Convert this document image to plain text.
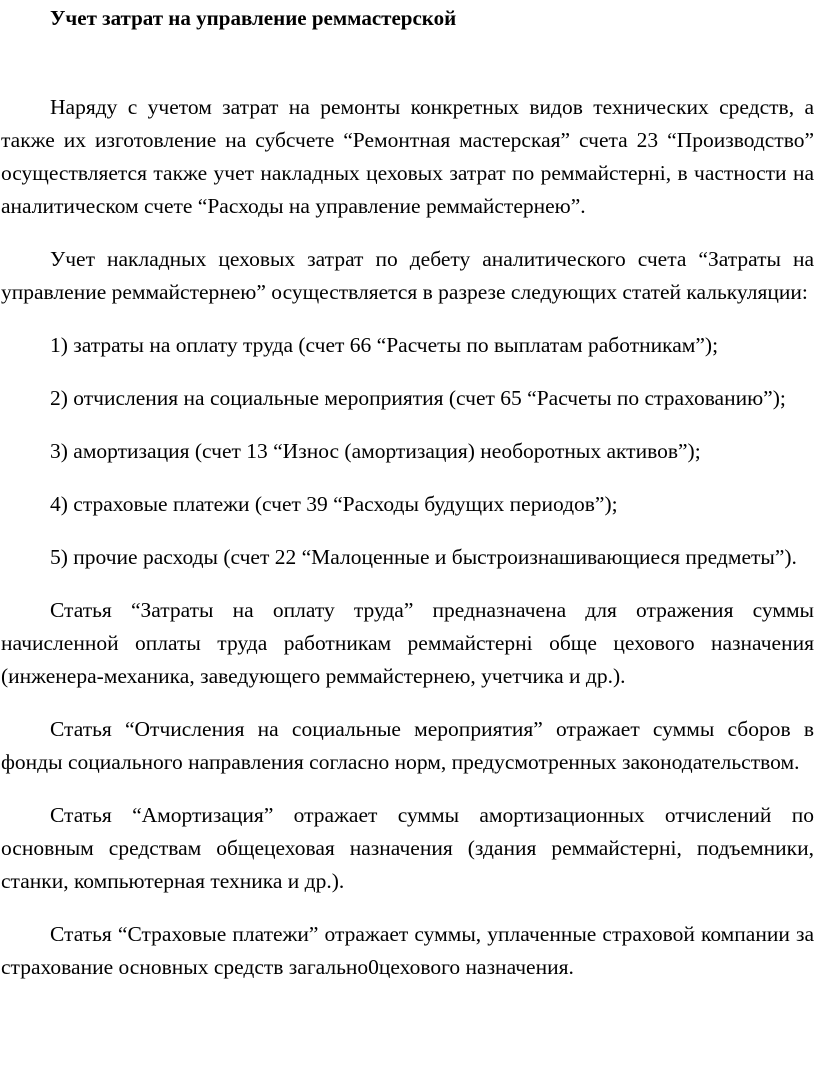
Учет затрат на управление реммастерской

Наряду с учетом затрат на ремонты конкретных видов технических средств, а также их изготовление на субсчете “Ремонтная мастерская” счета 23 “Производство” осуществляется также учет накладных цеховых затрат по реммайстерні, в частности на аналитическом счете “Расходы на управление реммайстернею”.

Учет накладных цеховых затрат по дебету аналитического счета “Затраты на управление реммайстернею” осуществляется в разрезе следующих статей калькуляции:

1) затраты на оплату труда (счет 66 “Расчеты по выплатам работникам”);

2) отчисления на социальные мероприятия (счет 65 “Расчеты по страхованию”);

3) амортизация (счет 13 “Износ (амортизация) необоротных активов”);

4) страховые платежи (счет 39 “Расходы будущих периодов”);

5) прочие расходы (счет 22 “Малоценные и быстроизнашивающиеся предметы”).

Статья “Затраты на оплату труда” предназначена для отражения суммы начисленной оплаты труда работникам реммайстерні обще цехового назначения (инженера-механика, заведующего реммайстернею, учетчика и др.).

Статья “Отчисления на социальные мероприятия” отражает суммы сборов в фонды социального направления согласно норм, предусмотренных законодательством.

Статья “Амортизация” отражает суммы амортизационных отчислений по основным средствам общецеховая назначения (здания реммайстерні, подъемники, станки, компьютерная техника и др.).

Статья “Страховые платежи” отражает суммы, уплаченные страховой компании за страхование основных средств загально0цехового назначения.
